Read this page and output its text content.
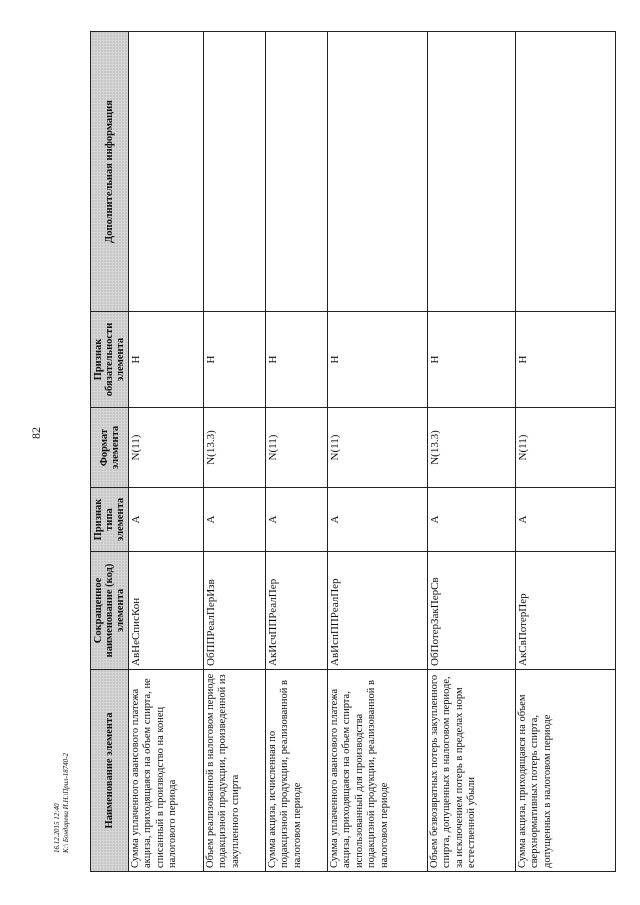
82
16.12.2015 12:40 K:\ Бондарева И.Н.\Прил-18740-2	Наименование элемента	Сокращенное наименование (код) элемента	Признак типа элемента	Формат элемента	Признак обязательности элемента	Дополнительная информация
Сумма уплаченного авансового платежа акциза, приходящаяся на объем спирта, не списанный в производство на конец налогового периода	АвНеСписКон	А	N(11)	Н	
Объем реализованной в налоговом периоде подакцизной продукции, произведенной из закупленного спирта	ОбППРеалПерИзв	А	N(13.3)	Н	
Сумма акциза, исчисленная по подакцизной продукции, реализованной в налоговом периоде	АкИсчППРеалПер	А	N(11)	Н	
Сумма уплаченного авансового платежа акциза, приходящаяся на объем спирта, использованный для производства подакцизной продукции, реализованной в налоговом периоде	АвИспППРеалПер	А	N(11)	Н	
Объем безвозвратных потерь закупленного спирта, допущенных в налоговом периоде, за исключением потерь в пределах норм естественной убыли	ОбПотерЗакПерСв	А	N(13.3)	Н	
Сумма акциза, приходящаяся на объем сверхнормативных потерь спирта, допущенных в налоговом периоде	АкСвПотерПер	А	N(11)	Н	
